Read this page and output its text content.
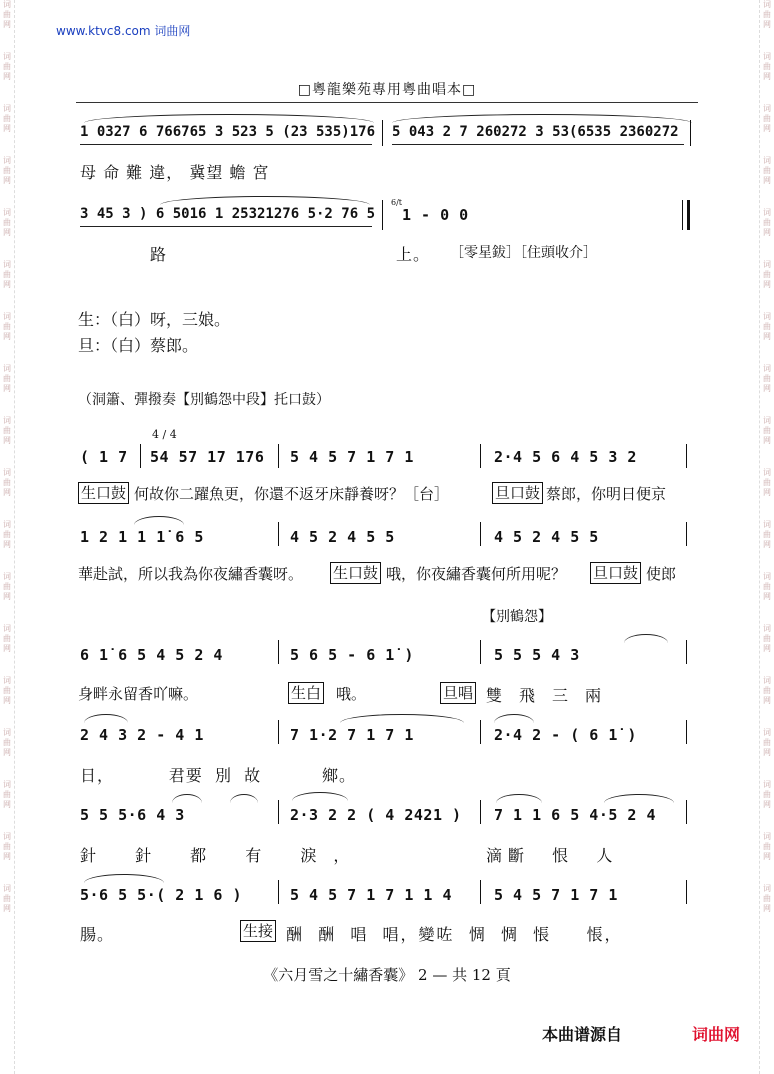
词曲网
词曲网
词曲网
词曲网
词曲网
词曲网
词曲网
词曲网
词曲网
词曲网
词曲网
词曲网
词曲网
词曲网
词曲网
词曲网
词曲网
词曲网
词曲网
词曲网
词曲网
词曲网
词曲网
词曲网
词曲网
词曲网
词曲网
词曲网
词曲网
词曲网
词曲网
词曲网
词曲网
词曲网
词曲网
词曲网
www.ktvc8.com 词曲网
□粵龍樂苑專用粵曲唱本□
1 0327 6 766765 3 523 5 (23 535)176 5 043 2 7 260272 3 53(6535 2360272
母 命 難 違， 冀望 蟾 宮
3 45 3 ) 6 5016 1 25321276 5·2 76 5
6/t
1 - 0 0
路	上。 ［零星鈸］［住頭收介］
生：（白）呀，三娘。
旦：（白）蔡郎。
（洞簫、彈撥奏【別鶴怨中段】托口鼓）
4 / 4
( 1 7 54 57 17 176 5 4 5 7 1 7 1	2·4 5 6 4 5 3 2
生口鼓 何故你二躍魚更，你還不返牙床靜養呀？［台］	旦口鼓 蔡郎，你明日便京
1 2 1 1 1̇ 6 5	4 5 2 4 5 5	4 5 2 4 5 5
華赴試，所以我為你夜繡香囊呀。 生口鼓 哦，你夜繡香囊何所用呢？ 旦口鼓 使郎
【別鶴怨】
6 1̇ 6 5 4 5 2 4	5 6 5 - 6 1̇ )	5 5 5 4 3
身畔永留香吖嘛。	生白 哦。	旦唱 雙飛三兩
2 4 3 2 - 4 1	7 1·2 7 1 7 1	2·4 2 - ( 6 1̇ )
日，         君要  別  故          鄉。
5 5 5·6 4 3	2·3 2 2 ( 4 2421 ) 7 1 1 6 5 4·5 2 4
針 針 都 有 淚，	滴斷  恨  人
5·6 5 5·( 2 1 6 )	5 4 5 7 1 7 1 1 4	5 4 5 7 1 7 1
腸。	生接 酬  酬  唱  唱，變咗  惆  惆  悵     悵，
《六月雪之十繡香囊》 2 — 共 12 頁
本曲谱源自	词曲网
